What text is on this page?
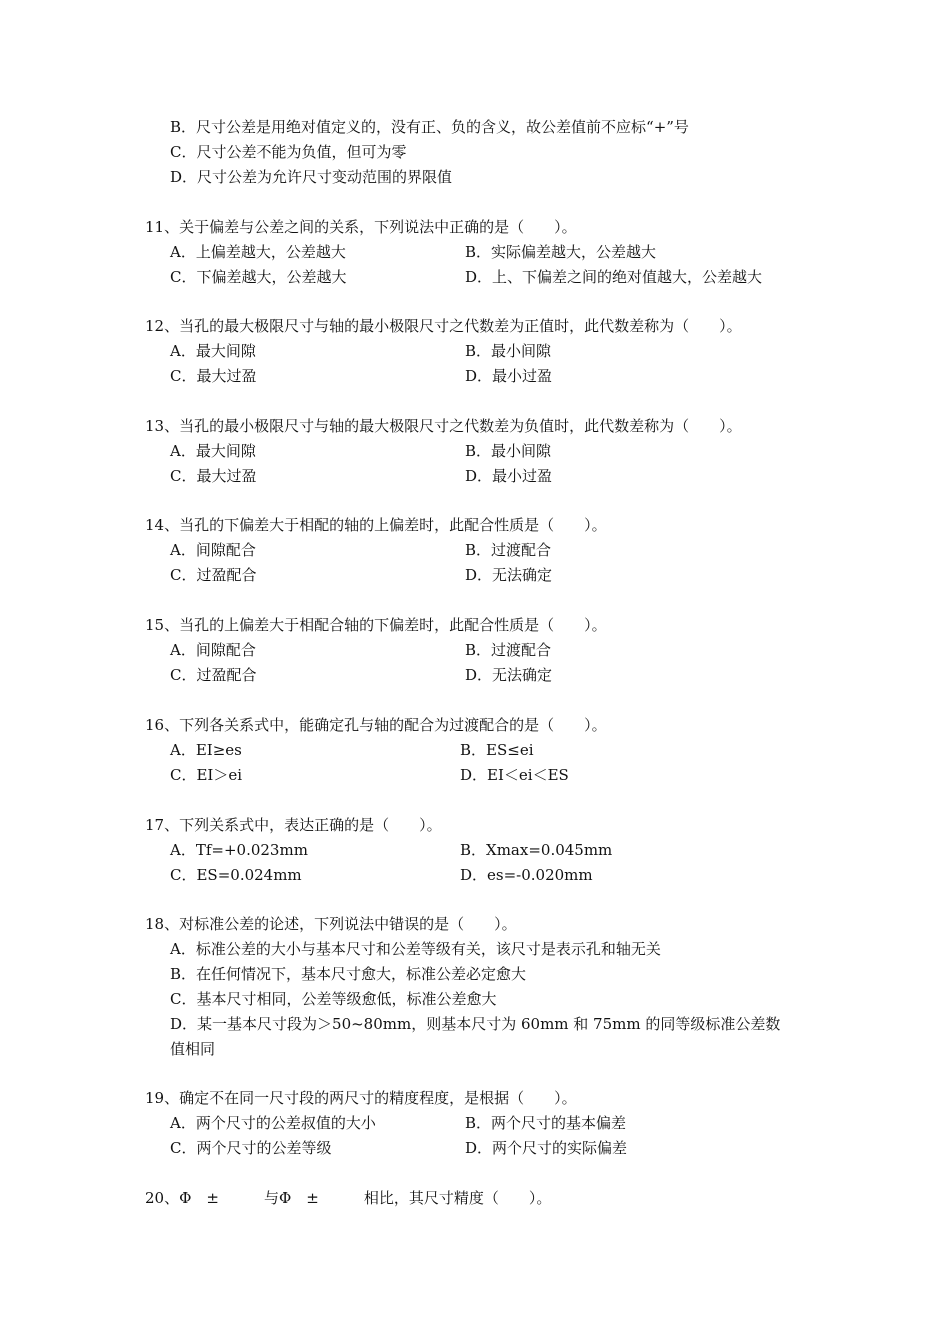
B．尺寸公差是用绝对值定义的，没有正、负的含义，故公差值前不应标“+”号
C．尺寸公差不能为负值，但可为零
D．尺寸公差为允许尺寸变动范围的界限值
11、关于偏差与公差之间的关系，下列说法中正确的是（　　）。
A．上偏差越大，公差越大	B．实际偏差越大，公差越大
C．下偏差越大，公差越大	D．上、下偏差之间的绝对值越大，公差越大
12、当孔的最大极限尺寸与轴的最小极限尺寸之代数差为正值时，此代数差称为（　　）。
A．最大间隙	B．最小间隙
C．最大过盈	D．最小过盈
13、当孔的最小极限尺寸与轴的最大极限尺寸之代数差为负值时，此代数差称为（　　）。
A．最大间隙	B．最小间隙
C．最大过盈	D．最小过盈
14、当孔的下偏差大于相配的轴的上偏差时，此配合性质是（　　）。
A．间隙配合	B．过渡配合
C．过盈配合	D．无法确定
15、当孔的上偏差大于相配合轴的下偏差时，此配合性质是（　　）。
A．间隙配合	B．过渡配合
C．过盈配合	D．无法确定
16、下列各关系式中，能确定孔与轴的配合为过渡配合的是（　　）。
A．EI≥es	B．ES≤ei
C．EI＞ei	D．EI＜ei＜ES
17、下列关系式中，表达正确的是（　　）。
A．Tf=+0.023mm	B．Xmax=0.045mm
C．ES=0.024mm	D．es=-0.020mm
18、对标准公差的论述，下列说法中错误的是（　　）。
A．标准公差的大小与基本尺寸和公差等级有关，该尺寸是表示孔和轴无关
B．在任何情况下，基本尺寸愈大，标准公差必定愈大
C．基本尺寸相同，公差等级愈低，标准公差愈大
D．某一基本尺寸段为＞50~80mm，则基本尺寸为 60mm 和 75mm 的同等级标准公差数
值相同
19、确定不在同一尺寸段的两尺寸的精度程度，是根据（　　）。
A．两个尺寸的公差叔值的大小	B．两个尺寸的基本偏差
C．两个尺寸的公差等级	D．两个尺寸的实际偏差
20、Φ　±　　　与Φ　±　　　相比，其尺寸精度（　　）。
